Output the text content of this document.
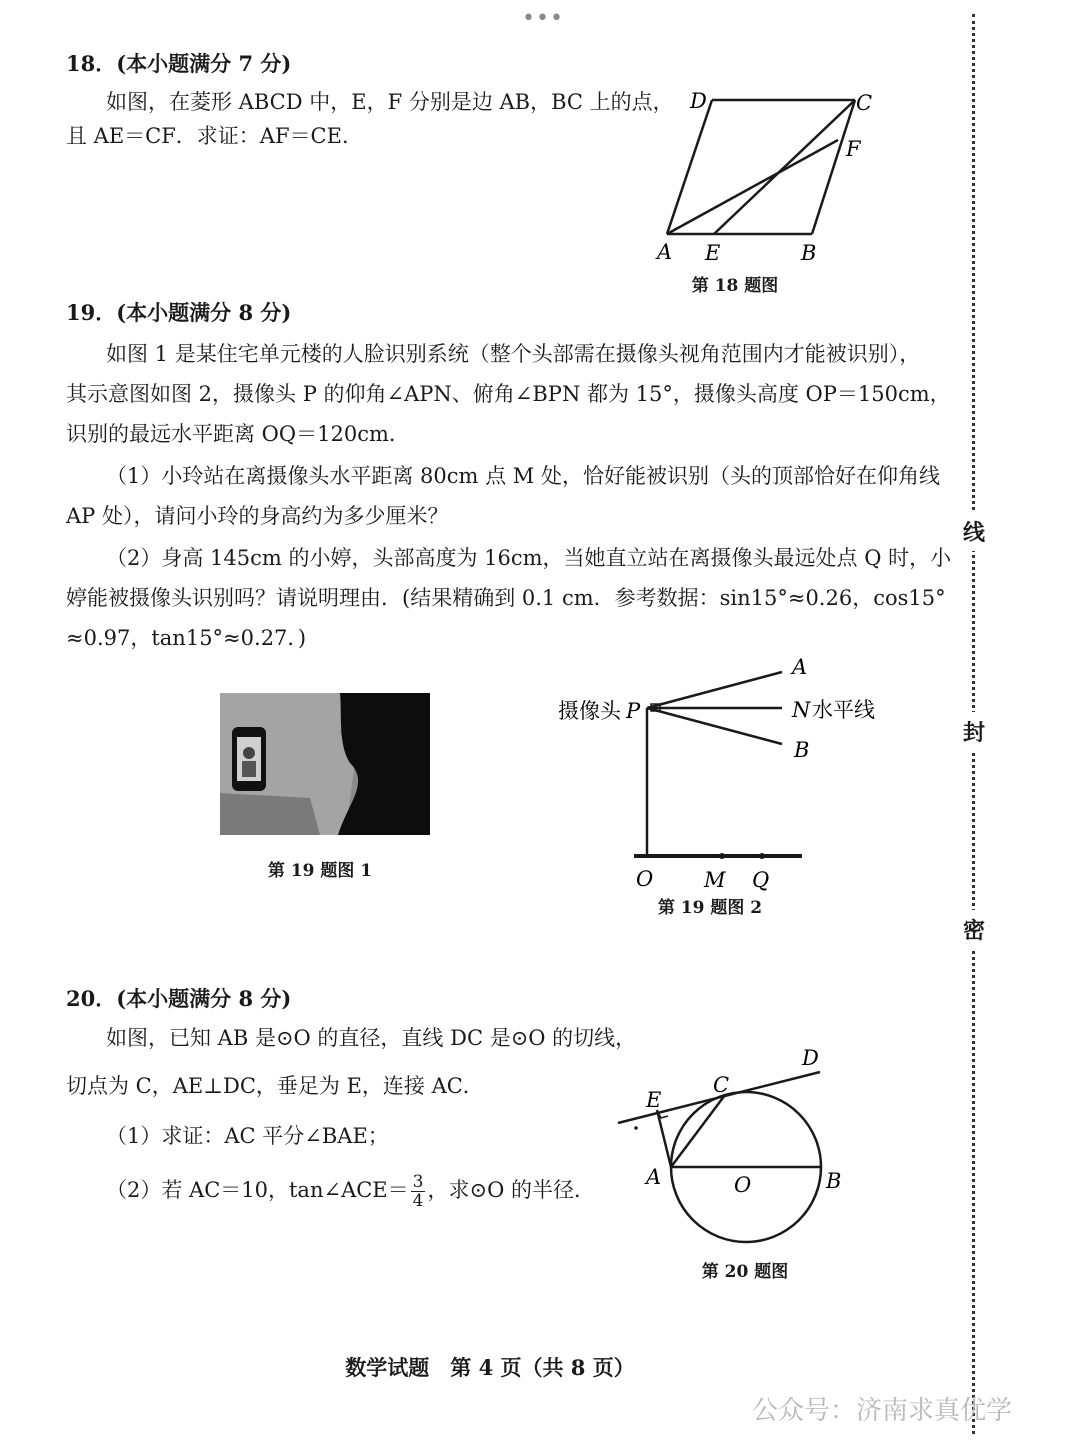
•••
线
封
密
18．(本小题满分 7 分)
如图，在菱形 ABCD 中，E，F 分别是边 AB，BC 上的点，
且 AE＝CF．求证：AF＝CE．
D	C
F
A E	B
第 18 题图
19．(本小题满分 8 分)
如图 1 是某住宅单元楼的人脸识别系统（整个头部需在摄像头视角范围内才能被识别），
其示意图如图 2，摄像头 P 的仰角∠APN、俯角∠BPN 都为 15°，摄像头高度 OP＝150cm，
识别的最远水平距离 OQ＝120cm．
（1）小玲站在离摄像头水平距离 80cm 点 M 处，恰好能被识别（头的顶部恰好在仰角线
AP 处），请问小玲的身高约为多少厘米？
（2）身高 145cm 的小婷，头部高度为 16cm，当她直立站在离摄像头最远处点 Q 时，小
婷能被摄像头识别吗？请说明理由．(结果精确到 0.1 cm．参考数据：sin15°≈0.26，cos15°
≈0.97，tan15°≈0.27．)
第 19 题图 1
摄像头 P
A
N 水平线
B
O M Q
第 19 题图 2
20．(本小题满分 8 分)
如图，已知 AB 是⊙O 的直径，直线 DC 是⊙O 的切线，
切点为 C，AE⊥DC，垂足为 E，连接 AC．
（1）求证：AC 平分∠BAE；
（2）若 AC＝10，tan∠ACE＝ $\frac{3}{4}$ ，求⊙O 的半径．
D
C
E
A	O	B
第 20 题图
数学试题　第 4 页（共 8 页）
公众号：济南求真优学
